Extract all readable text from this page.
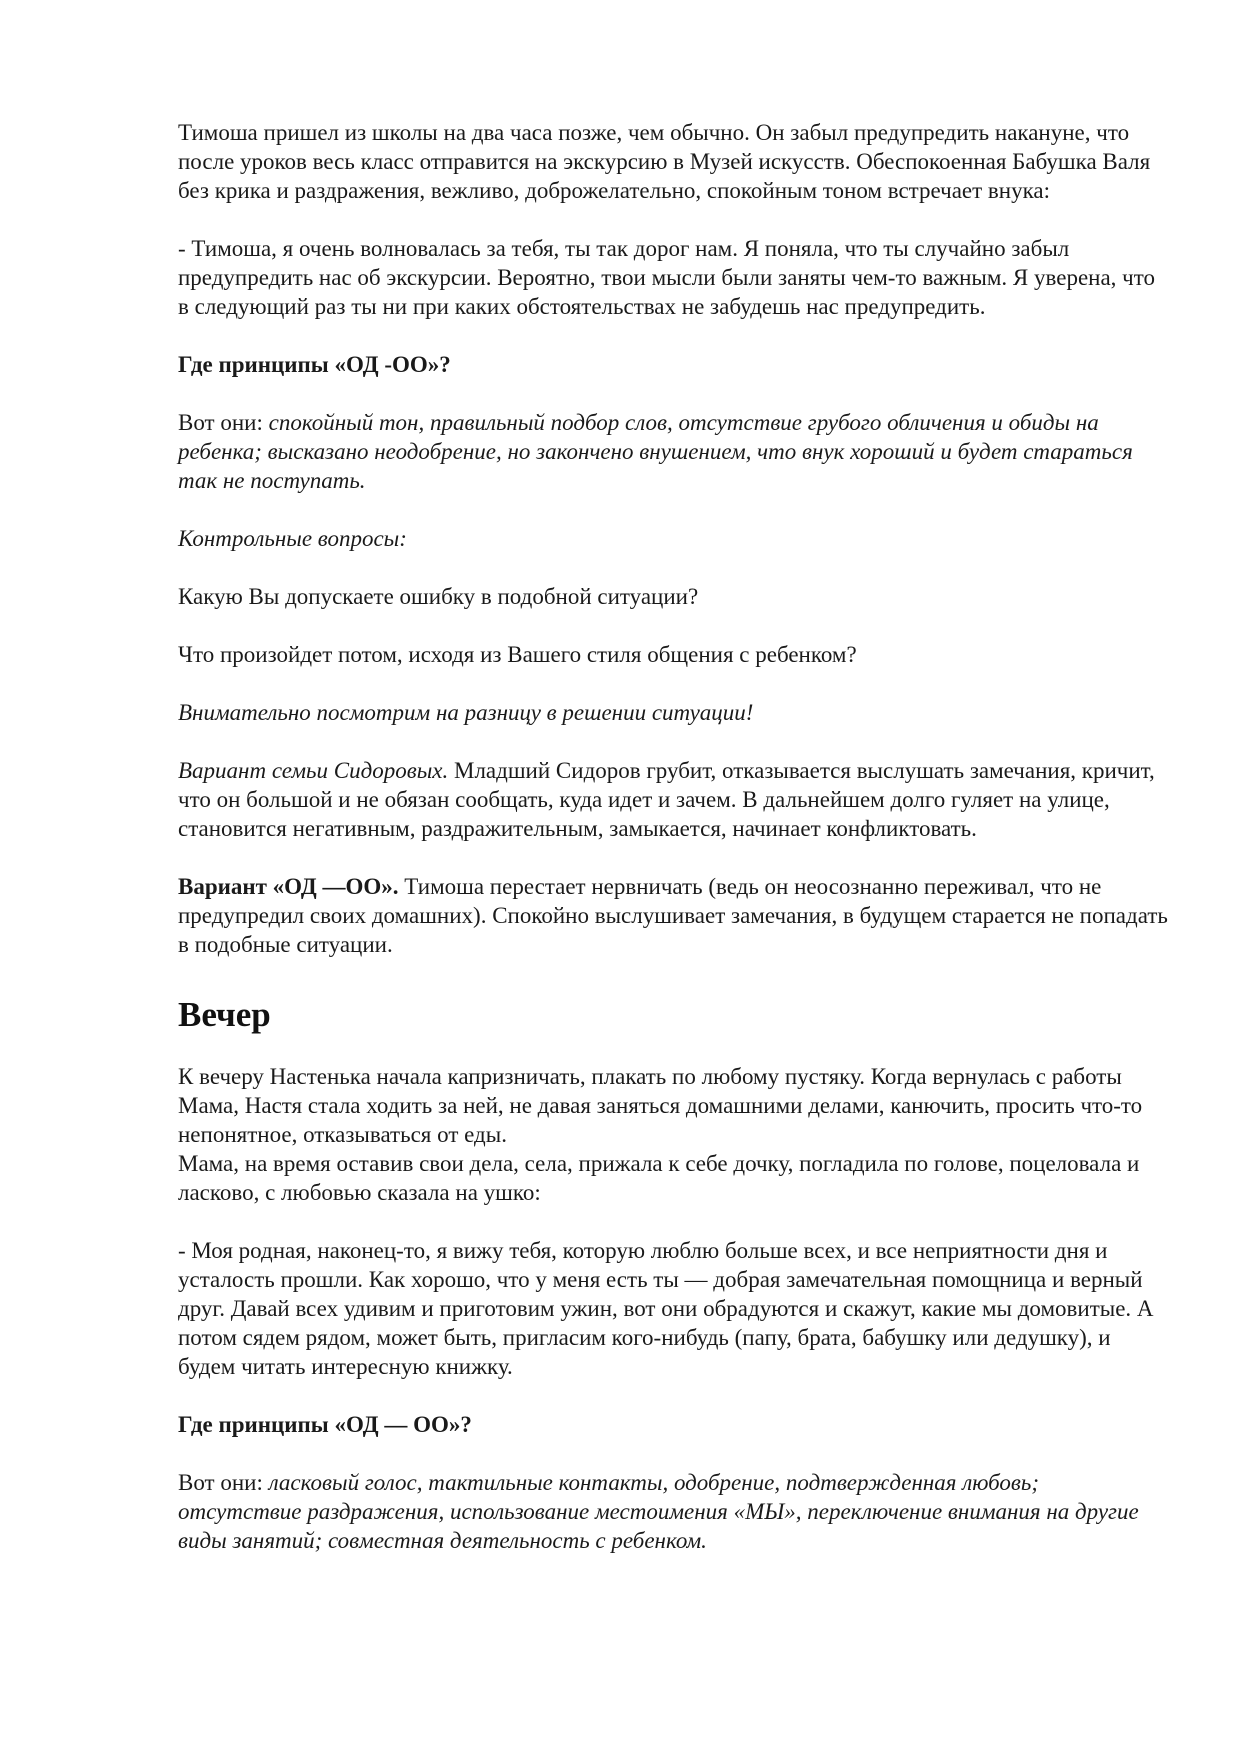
Тимоша пришел из школы на два часа позже, чем обычно. Он забыл предупредить накануне, что после уроков весь класс отправится на экскурсию в Музей искусств. Обеспокоенная Бабушка Валя без крика и раздражения, вежливо, доброжелательно, спокойным тоном встречает внука:

- Тимоша, я очень волновалась за тебя, ты так дорог нам. Я поняла, что ты случайно забыл предупредить нас об экскурсии. Вероятно, твои мысли были заняты чем-то важным. Я уверена, что в следующий раз ты ни при каких обстоятельствах не забудешь нас предупредить.

Где принципы «ОД -ОО»?

Вот они: спокойный тон, правильный подбор слов, отсутствие грубого обличения и обиды на ребенка; высказано неодобрение, но закончено внушением, что внук хороший и будет стараться так не поступать.

Контрольные вопросы:

Какую Вы допускаете ошибку в подобной ситуации?

Что произойдет потом, исходя из Вашего стиля общения с ребенком?

Внимательно посмотрим на разницу в решении ситуации!

Вариант семьи Сидоровых. Младший Сидоров грубит, отказывается выслушать замечания, кричит, что он большой и не обязан сообщать, куда идет и зачем. В дальнейшем долго гуляет на улице, становится негативным, раздражительным, замыкается, начинает конфликтовать.

Вариант «ОД —ОО». Тимоша перестает нервничать (ведь он неосознанно переживал, что не предупредил своих домашних). Спокойно выслушивает замечания, в будущем старается не попадать в подобные ситуации.

Вечер

К вечеру Настенька начала капризничать, плакать по любому пустяку. Когда вернулась с работы Мама, Настя стала ходить за ней, не давая заняться домашними делами, канючить, просить что-то непонятное, отказываться от еды.

Мама, на время оставив свои дела, села, прижала к себе дочку, погладила по голове, поцеловала и ласково, с любовью сказала на ушко:

- Моя родная, наконец-то, я вижу тебя, которую люблю больше всех, и все неприятности дня и усталость прошли. Как хорошо, что у меня есть ты — добрая замечательная помощница и верный друг. Давай всех удивим и приготовим ужин, вот они обрадуются и скажут, какие мы домовитые. А потом сядем рядом, может быть, пригласим кого-нибудь (папу, брата, бабушку или дедушку), и будем читать интересную книжку.

Где принципы «ОД — ОО»?

Вот они: ласковый голос, тактильные контакты, одобрение, подтвержденная любовь; отсутствие раздражения, использование местоимения «МЫ», переключение внимания на другие виды занятий; совместная деятельность с ребенком.
